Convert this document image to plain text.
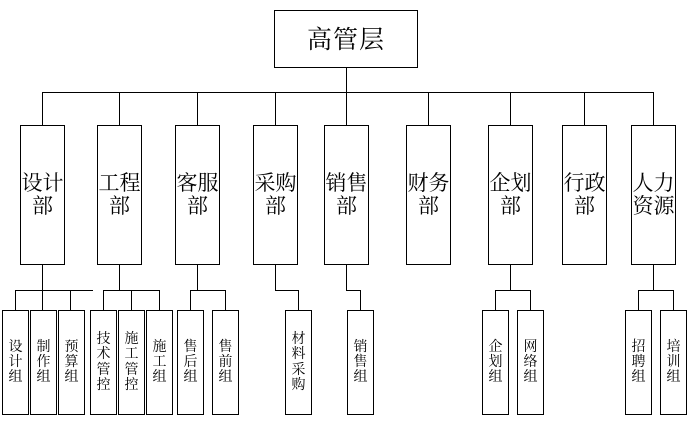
高管层
设计部
工程部
客服部
采购部
销售部
财务部
企划部
行政部
人力资源
设计组
制作组
预算组
技术管控
施工管控
施工组
售后组
售前组
材料采购
销售组
企划组
网络组
招聘组
培训组
